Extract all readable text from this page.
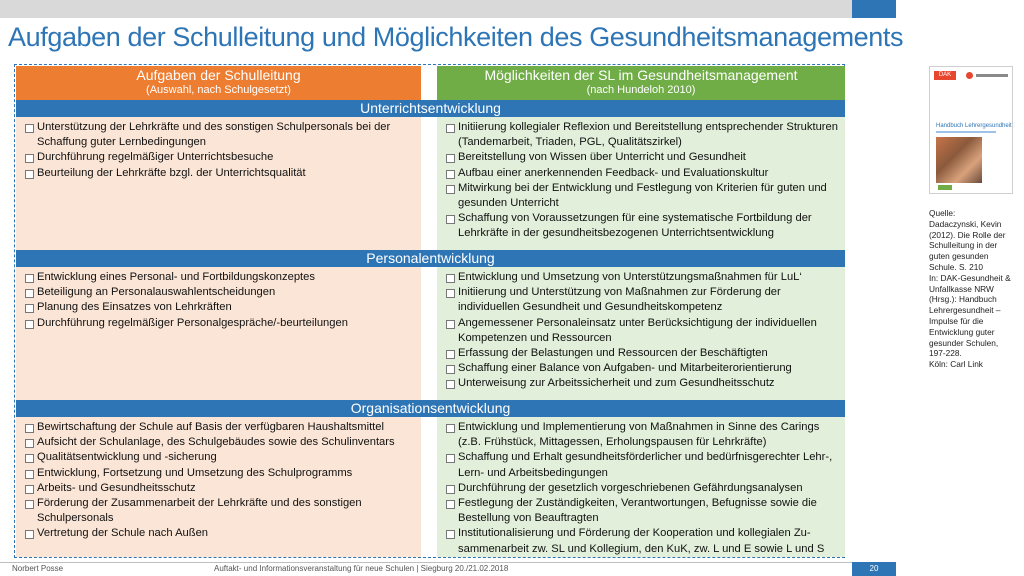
Aufgaben der Schulleitung und Möglichkeiten des Gesundheitsmanagements
Aufgaben der Schulleitung
(Auswahl, nach Schulgesetzt)
Möglichkeiten der SL im Gesundheitsmanagement
(nach Hundeloh 2010)
Unterrichtsentwicklung
Unterstützung der Lehrkräfte und des sonstigen Schulpersonals bei der Schaffung guter Lernbedingungen
Durchführung regelmäßiger Unterrichtsbesuche
Beurteilung der Lehrkräfte bzgl. der Unterrichtsqualität
Initiierung kollegialer Reflexion und Bereitstellung entsprechender Strukturen (Tandemarbeit, Triaden, PGL, Qualitätszirkel)
Bereitstellung von Wissen über Unterricht und Gesundheit
Aufbau einer anerkennenden Feedback- und Evaluationskultur
Mitwirkung bei der Entwicklung und Festlegung von Kriterien für guten und gesunden Unterricht
Schaffung von Voraussetzungen für eine systematische Fortbildung der Lehrkräfte in der gesundheitsbezogenen Unterrichtsentwicklung
Personalentwicklung
Entwicklung eines Personal- und Fortbildungskonzeptes
Beteiligung an Personalauswahlentscheidungen
Planung des Einsatzes von Lehrkräften
Durchführung regelmäßiger Personalgespräche/-beurteilungen
Entwicklung und Umsetzung von Unterstützungsmaßnahmen für LuL‘
Initiierung und Unterstützung von Maßnahmen zur Förderung der individuellen Gesundheit und Gesundheitskompetenz
Angemessener Personaleinsatz unter Berücksichtigung der individuellen Kompetenzen und Ressourcen
Erfassung der Belastungen und Ressourcen der Beschäftigten
Schaffung einer Balance von Aufgaben- und Mitarbeiterorientierung
Unterweisung zur Arbeitssicherheit und zum Gesundheitsschutz
Organisationsentwicklung
Bewirtschaftung der Schule auf Basis der verfügbaren Haushaltsmittel
Aufsicht der Schulanlage, des Schulgebäudes sowie des Schulinventars
Qualitätsentwicklung und -sicherung
Entwicklung, Fortsetzung und Umsetzung des Schulprogramms
Arbeits- und Gesundheitsschutz
Förderung der Zusammenarbeit der Lehrkräfte und des sonstigen Schulpersonals
Vertretung der Schule nach Außen
Entwicklung und Implementierung von Maßnahmen in Sinne des Carings (z.B. Frühstück, Mittagessen, Erholungspausen für Lehrkräfte)
Schaffung und Erhalt gesundheitsförderlicher und bedürfnisgerechter Lehr-, Lern- und Arbeitsbedingungen
Durchführung der gesetzlich vorgeschriebenen Gefährdungsanalysen
Festlegung der Zuständigkeiten, Verantwortungen, Befugnisse sowie die Bestellung von Beauftragten
Institutionalisierung und Förderung der Kooperation und kollegialen Zu-sammenarbeit zw. SL und Kollegium, den KuK, zw. L und E sowie L und S
DAK
Handbuch Lehrergesundheit
Quelle:
Dadaczynski, Kevin
(2012). Die Rolle der
Schulleitung in der
guten gesunden
Schule. S. 210
In: DAK-Gesundheit &
Unfallkasse NRW
(Hrsg.): Handbuch
Lehrergesundheit –
Impulse für die
Entwicklung guter
gesunder Schulen,
197-228.
Köln: Carl Link
Norbert Posse	Auftakt- und Informationsveranstaltung für neue Schulen | Siegburg 20./21.02.2018	20
